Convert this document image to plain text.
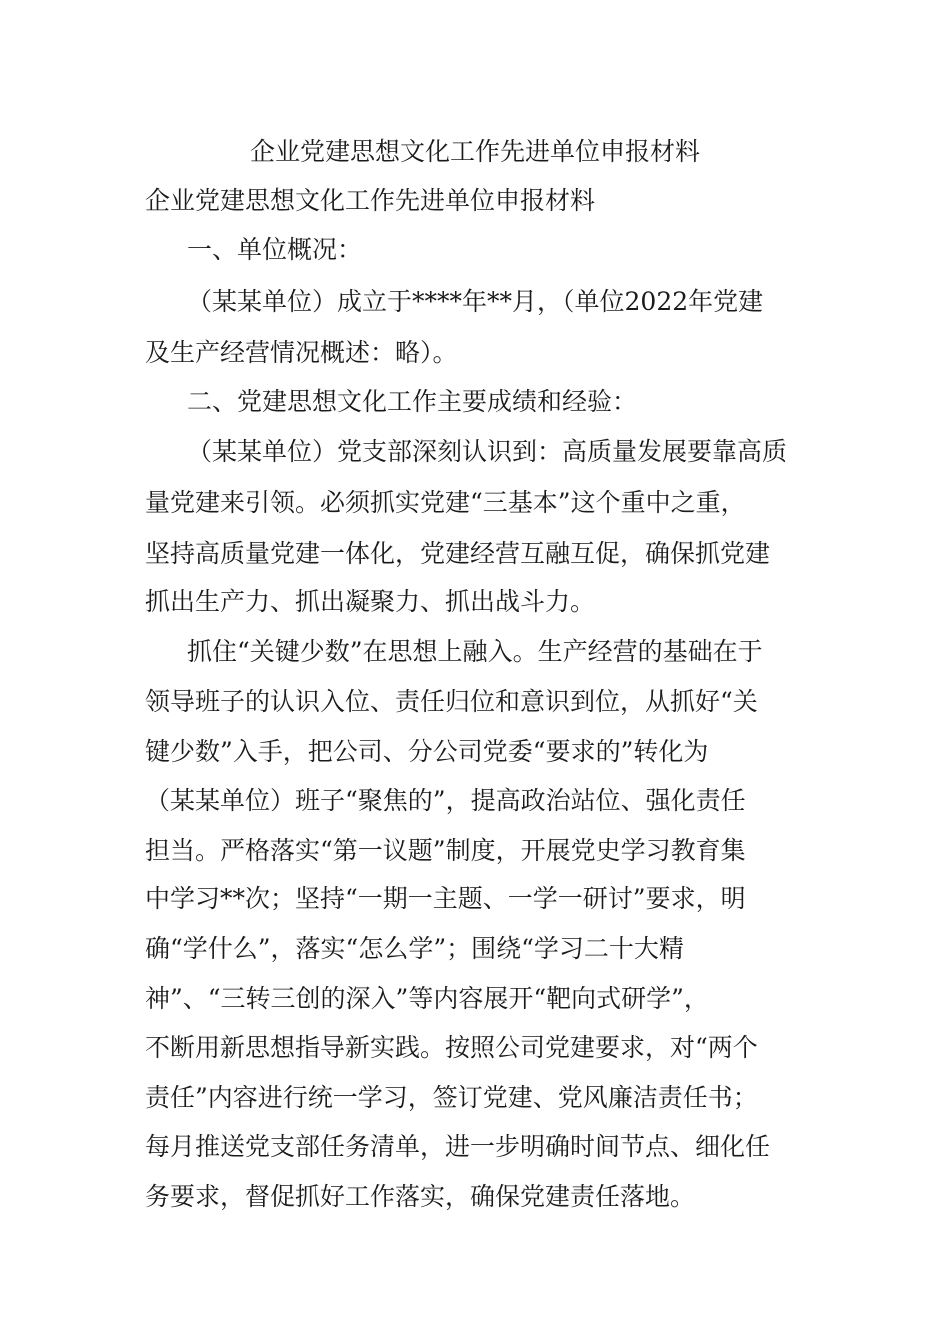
企业党建思想文化工作先进单位申报材料

企业党建思想文化工作先进单位申报材料

一、单位概况：

（某某单位）成立于****年**月，（单位2022年党建

及生产经营情况概述：略）。

二、党建思想文化工作主要成绩和经验：

（某某单位）党支部深刻认识到：高质量发展要靠高质

量党建来引领。必须抓实党建“三基本”这个重中之重，

坚持高质量党建一体化，党建经营互融互促，确保抓党建

抓出生产力、抓出凝聚力、抓出战斗力。

抓住“关键少数”在思想上融入。生产经营的基础在于

领导班子的认识入位、责任归位和意识到位，从抓好“关

键少数”入手，把公司、分公司党委“要求的”转化为

（某某单位）班子“聚焦的”，提高政治站位、强化责任

担当。严格落实“第一议题”制度，开展党史学习教育集

中学习**次；坚持“一期一主题、一学一研讨”要求，明

确“学什么”，落实“怎么学”；围绕“学习二十大精

神”、“三转三创的深入”等内容展开“靶向式研学”，

不断用新思想指导新实践。按照公司党建要求，对“两个

责任”内容进行统一学习，签订党建、党风廉洁责任书；

每月推送党支部任务清单，进一步明确时间节点、细化任

务要求，督促抓好工作落实，确保党建责任落地。
